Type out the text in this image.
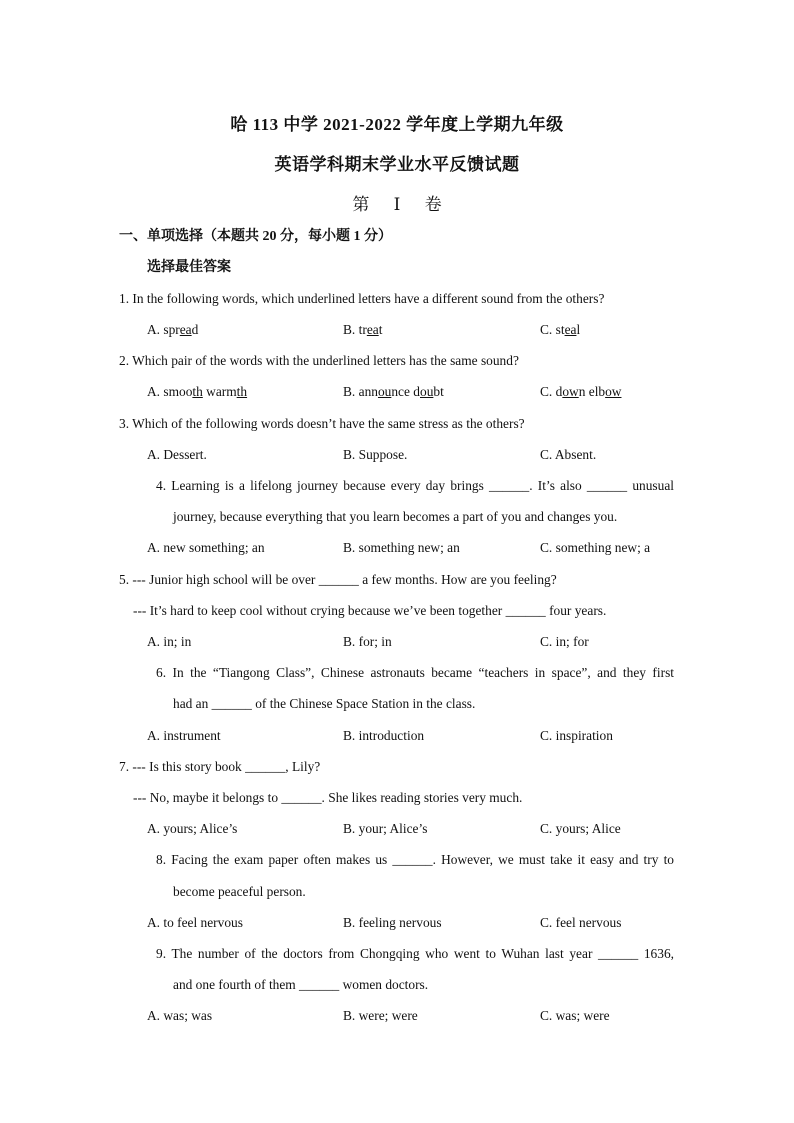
哈 113 中学 2021-2022 学年度上学期九年级
英语学科期末学业水平反馈试题
第 Ⅰ 卷
一、单项选择（本题共 20 分，每小题 1 分）
选择最佳答案
1. In the following words, which underlined letters have a different sound from the others?
A. spread	B. treat	C. steal
2. Which pair of the words with the underlined letters has the same sound?
A. smooth warmth	B. announce doubt	C. down elbow
3. Which of the following words doesn’t have the same stress as the others?
A. Dessert.	B. Suppose.	C. Absent.
4. Learning is a lifelong journey because every day brings ______. It’s also ______ unusual
journey, because everything that you learn becomes a part of you and changes you.
A. new something; an	B. something new; an	C. something new; a
5. --- Junior high school will be over ______ a few months. How are you feeling?
--- It’s hard to keep cool without crying because we’ve been together ______ four years.
A. in; in	B. for; in	C. in; for
6. In the “Tiangong Class”, Chinese astronauts became “teachers in space”, and they first
had an ______ of the Chinese Space Station in the class.
A. instrument	B. introduction	C. inspiration
7. --- Is this story book ______, Lily?
--- No, maybe it belongs to ______. She likes reading stories very much.
A. yours; Alice’s	B. your; Alice’s	C. yours; Alice
8. Facing the exam paper often makes us ______. However, we must take it easy and try to
become peaceful person.
A. to feel nervous	B. feeling nervous	C. feel nervous
9. The number of the doctors from Chongqing who went to Wuhan last year ______ 1636,
and one fourth of them ______ women doctors.
A. was; was	B. were; were	C. was; were
